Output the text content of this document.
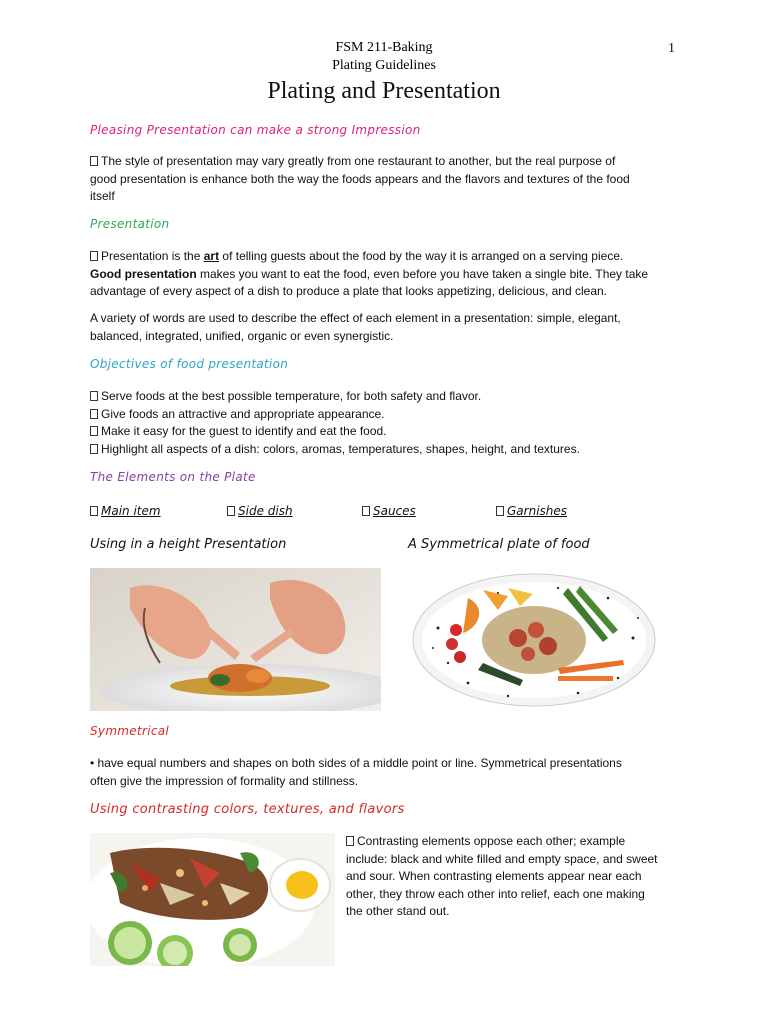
FSM 211-Baking
Plating Guidelines
1
Plating and Presentation
Pleasing Presentation can make a strong Impression
The style of presentation may vary greatly from one restaurant to another, but the real purpose of
good presentation is enhance both the way the foods appears and the flavors and textures of the food
itself
Presentation
Presentation is the art of telling guests about the food by the way it is arranged on a serving piece.
Good presentation makes you want to eat the food, even before you have taken a single bite. They take
advantage of every aspect of a dish to produce a plate that looks appetizing, delicious, and clean.
A variety of words are used to describe the effect of each element in a presentation: simple, elegant,
balanced, integrated, unified, organic or even synergistic.
Objectives of food presentation
Serve foods at the best possible temperature, for both safety and flavor.
Give foods an attractive and appropriate appearance.
Make it easy for the guest to identify and eat the food.
Highlight all aspects of a dish: colors, aromas, temperatures, shapes, height, and textures.
The Elements on the Plate
Main item	Side dish	Sauces	Garnishes
Using in a height Presentation	A Symmetrical plate of food
Symmetrical
• have equal numbers and shapes on both sides of a middle point or line. Symmetrical presentations
often give the impression of formality and stillness.
Using contrasting colors, textures, and flavors
Contrasting elements oppose each other; example
include: black and white filled and empty space, and sweet
and sour. When contrasting elements appear near each
other, they throw each other into relief, each one making
the other stand out.
